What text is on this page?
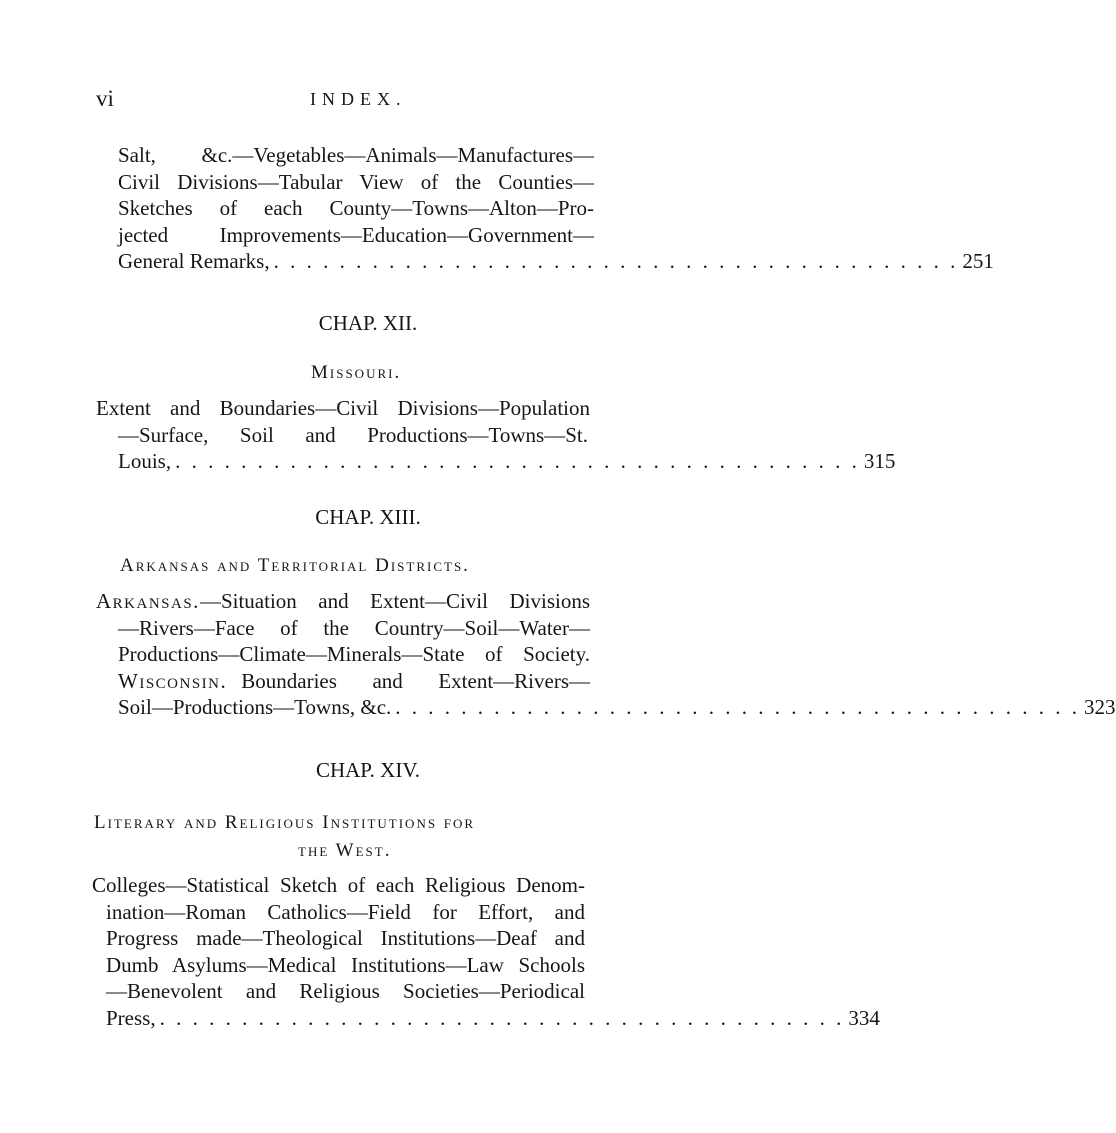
vi	INDEX.
Salt, &c.—Vegetables—Animals—Manufactures—
Civil Divisions—Tabular View of the Counties—
Sketches of each County—Towns—Alton—Pro-
jected Improvements—Education—Government—
General Remarks, . . . . . . . . . . . . . . . . . . . . . . . . . . . . . . . . . . . . . . . . . . 251
CHAP. XII.
Missouri.
Extent and Boundaries—Civil Divisions—Population
—Surface, Soil and Productions—Towns—St.
Louis, . . . . . . . . . . . . . . . . . . . . . . . . . . . . . . . . . . . . . . . . . . 315
CHAP. XIII.
Arkansas and Territorial Districts.
Arkansas. —Situation and Extent—Civil Divisions
—Rivers—Face of the Country—Soil—Water—
Productions—Climate—Minerals—State of Society.
Wisconsin. Boundaries and Extent—Rivers—
Soil—Productions—Towns, &c. . . . . . . . . . . . . . . . . . . . . . . . . . . . . . . . . . . . . . . . . . . 323
CHAP. XIV.
Literary and Religious Institutions for
the West.
Colleges—Statistical Sketch of each Religious Denom-
ination—Roman Catholics—Field for Effort, and
Progress made—Theological Institutions—Deaf and
Dumb Asylums—Medical Institutions—Law Schools
—Benevolent and Religious Societies—Periodical
Press, . . . . . . . . . . . . . . . . . . . . . . . . . . . . . . . . . . . . . . . . . . 334
